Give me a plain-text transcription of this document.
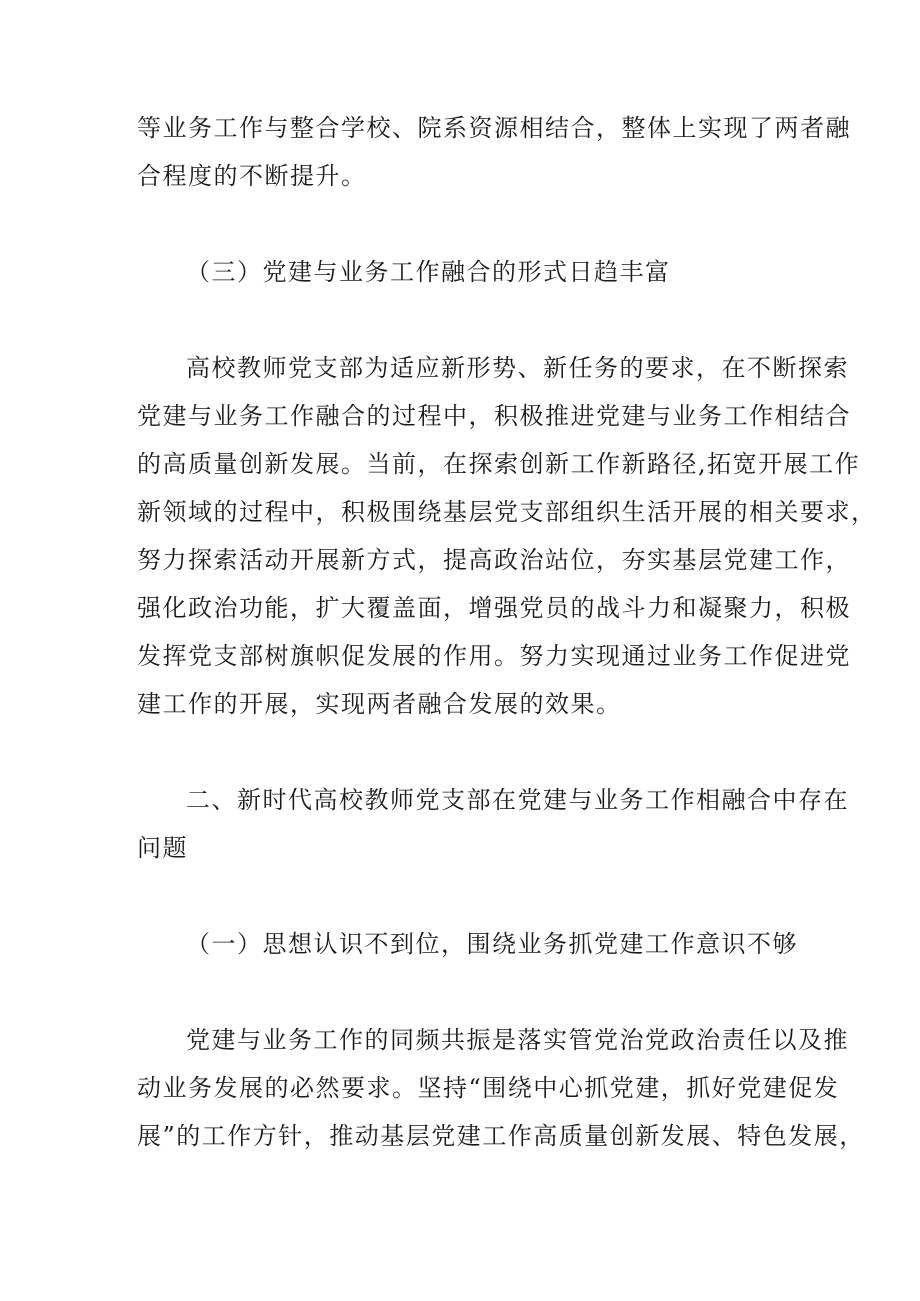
等业务工作与整合学校、院系资源相结合，整体上实现了两者融
合程度的不断提升。
（三）党建与业务工作融合的形式日趋丰富
高校教师党支部为适应新形势、新任务的要求，在不断探索
党建与业务工作融合的过程中，积极推进党建与业务工作相结合
的高质量创新发展。当前，在探索创新工作新路径,拓宽开展工作
新领域的过程中，积极围绕基层党支部组织生活开展的相关要求，
努力探索活动开展新方式，提高政治站位，夯实基层党建工作，
强化政治功能，扩大覆盖面，增强党员的战斗力和凝聚力，积极
发挥党支部树旗帜促发展的作用。努力实现通过业务工作促进党
建工作的开展，实现两者融合发展的效果。
二、新时代高校教师党支部在党建与业务工作相融合中存在
问题
（一）思想认识不到位，围绕业务抓党建工作意识不够
党建与业务工作的同频共振是落实管党治党政治责任以及推
动业务发展的必然要求。坚持“围绕中心抓党建，抓好党建促发
展”的工作方针，推动基层党建工作高质量创新发展、特色发展，
